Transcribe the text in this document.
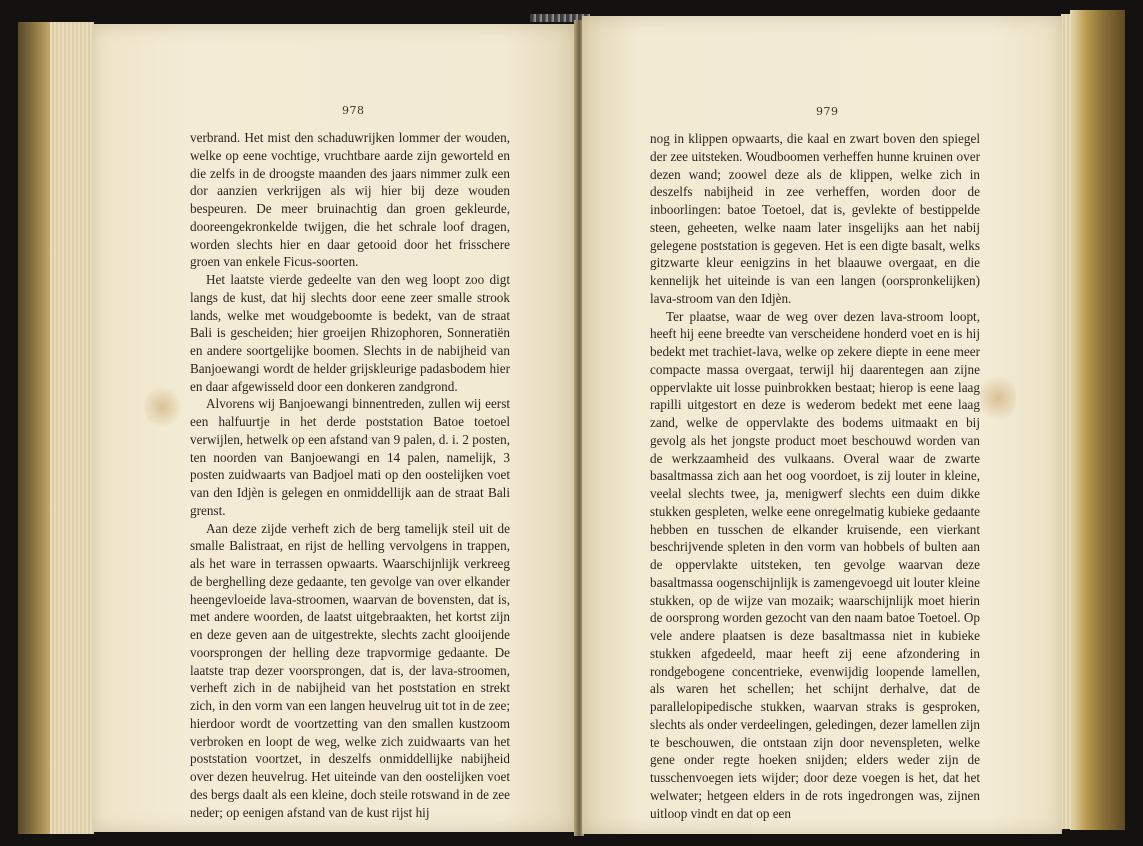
978

verbrand. Het mist den schaduwrijken lommer der wouden, welke op eene vochtige, vruchtbare aarde zijn geworteld en die zelfs in de droogste maanden des jaars nimmer zulk een dor aanzien verkrijgen als wij hier bij deze wouden bespeuren. De meer bruinachtig dan groen gekleurde, dooreengekronkelde twijgen, die het schrale loof dragen, worden slechts hier en daar getooid door het frisschere groen van enkele Ficus-soorten.

Het laatste vierde gedeelte van den weg loopt zoo digt langs de kust, dat hij slechts door eene zeer smalle strook lands, welke met woudgeboomte is bedekt, van de straat Bali is gescheiden; hier groeijen Rhizophoren, Sonneratiën en andere soortgelijke boomen. Slechts in de nabijheid van Banjoewangi wordt de helder grijskleurige padasbodem hier en daar afgewisseld door een donkeren zandgrond.

Alvorens wij Banjoewangi binnentreden, zullen wij eerst een halfuurtje in het derde poststation Batoe toetoel verwijlen, hetwelk op een afstand van 9 palen, d. i. 2 posten, ten noorden van Banjoewangi en 14 palen, namelijk, 3 posten zuidwaarts van Badjoel mati op den oostelijken voet van den Idjèn is gelegen en onmiddellijk aan de straat Bali grenst.

Aan deze zijde verheft zich de berg tamelijk steil uit de smalle Balistraat, en rijst de helling vervolgens in trappen, als het ware in terrassen opwaarts. Waarschijnlijk verkreeg de berghelling deze gedaante, ten gevolge van over elkander heengevloeide lava-stroomen, waarvan de bovensten, dat is, met andere woorden, de laatst uitgebraakten, het kortst zijn en deze geven aan de uitgestrekte, slechts zacht glooijende voorsprongen der helling deze trapvormige gedaante. De laatste trap dezer voorsprongen, dat is, der lava-stroomen, verheft zich in de nabijheid van het poststation en strekt zich, in den vorm van een langen heuvelrug uit tot in de zee; hierdoor wordt de voortzetting van den smallen kustzoom verbroken en loopt de weg, welke zich zuidwaarts van het poststation voortzet, in deszelfs onmiddellijke nabijheid over dezen heuvelrug. Het uiteinde van den oostelijken voet des bergs daalt als een kleine, doch steile rotswand in de zee neder; op eenigen afstand van de kust rijst hij

979

nog in klippen opwaarts, die kaal en zwart boven den spiegel der zee uitsteken. Woudboomen verheffen hunne kruinen over dezen wand; zoowel deze als de klippen, welke zich in deszelfs nabijheid in zee verheffen, worden door de inboorlingen: batoe Toetoel, dat is, gevlekte of bestippelde steen, geheeten, welke naam later insgelijks aan het nabij gelegene poststation is gegeven. Het is een digte basalt, welks gitzwarte kleur eenigzins in het blaauwe overgaat, en die kennelijk het uiteinde is van een langen (oorspronkelijken) lava-stroom van den Idjèn.

Ter plaatse, waar de weg over dezen lava-stroom loopt, heeft hij eene breedte van verscheidene honderd voet en is hij bedekt met trachiet-lava, welke op zekere diepte in eene meer compacte massa overgaat, terwijl hij daarentegen aan zijne oppervlakte uit losse puinbrokken bestaat; hierop is eene laag rapilli uitgestort en deze is wederom bedekt met eene laag zand, welke de oppervlakte des bodems uitmaakt en bij gevolg als het jongste product moet beschouwd worden van de werkzaamheid des vulkaans. Overal waar de zwarte basaltmassa zich aan het oog voordoet, is zij louter in kleine, veelal slechts twee, ja, menigwerf slechts een duim dikke stukken gespleten, welke eene onregelmatig kubieke gedaante hebben en tusschen de elkander kruisende, een vierkant beschrijvende spleten in den vorm van hobbels of bulten aan de oppervlakte uitsteken, ten gevolge waarvan deze basaltmassa oogenschijnlijk is zamengevoegd uit louter kleine stukken, op de wijze van mozaik; waarschijnlijk moet hierin de oorsprong worden gezocht van den naam batoe Toetoel. Op vele andere plaatsen is deze basaltmassa niet in kubieke stukken afgedeeld, maar heeft zij eene afzondering in rondgebogene concentrieke, evenwijdig loopende lamellen, als waren het schellen; het schijnt derhalve, dat de parallelopipedische stukken, waarvan straks is gesproken, slechts als onder verdeelingen, geledingen, dezer lamellen zijn te beschouwen, die ontstaan zijn door nevenspleten, welke gene onder regte hoeken snijden; elders weder zijn de tusschenvoegen iets wijder; door deze voegen is het, dat het welwater; hetgeen elders in de rots ingedrongen was, zijnen uitloop vindt en dat op een
